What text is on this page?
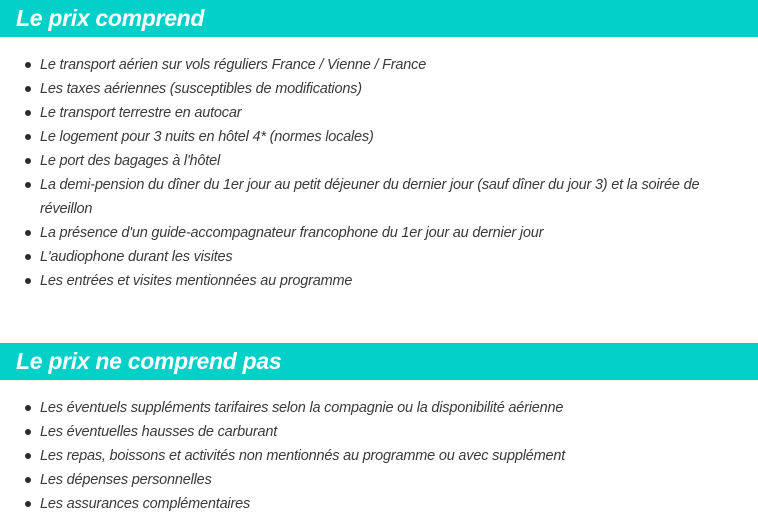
Le prix comprend
Le transport aérien sur vols réguliers France / Vienne / France
Les taxes aériennes (susceptibles de modifications)
Le transport terrestre en autocar
Le logement pour 3 nuits en hôtel 4* (normes locales)
Le port des bagages à l'hôtel
La demi-pension du dîner du 1er jour au petit déjeuner du dernier jour (sauf dîner du jour 3) et la soirée de réveillon
La présence d'un guide-accompagnateur francophone du 1er jour au dernier jour
L'audiophone durant les visites
Les entrées et visites mentionnées au programme
Le prix ne comprend pas
Les éventuels suppléments tarifaires selon la compagnie ou la disponibilité aérienne
Les éventuelles hausses de carburant
Les repas, boissons et activités non mentionnés au programme ou avec supplément
Les dépenses personnelles
Les assurances complémentaires
